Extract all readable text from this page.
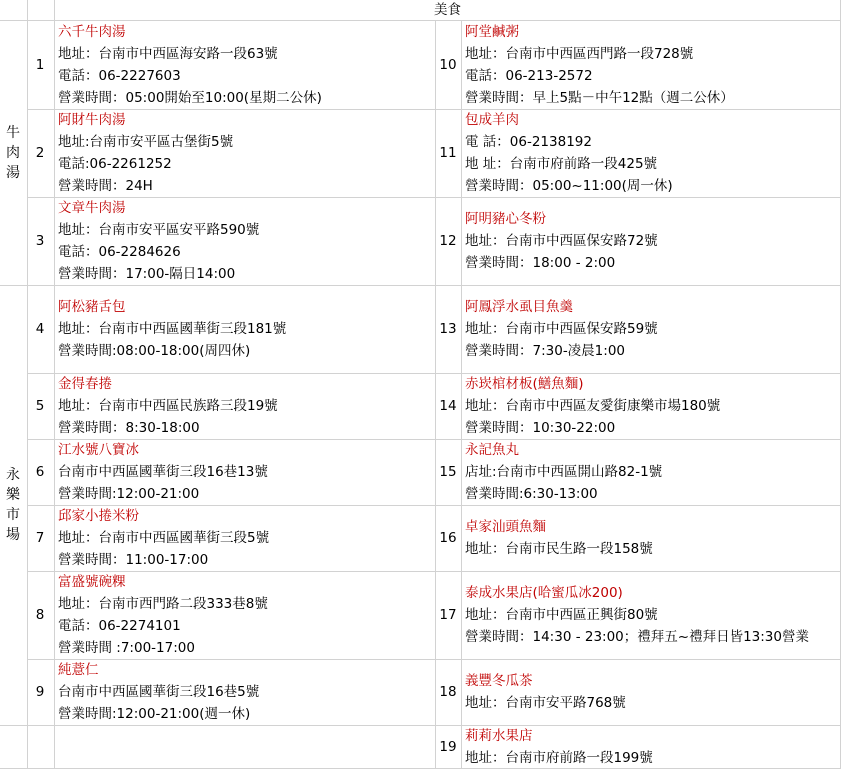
美食
牛
肉
湯
永
樂
市
場
1
六千牛肉湯
地址：台南市中西區海安路一段63號
電話：06-2227603
營業時間：05:00開始至10:00(星期二公休)
2
阿財牛肉湯
地址:台南市安平區古堡街5號
電話:06-2261252
營業時間：24H
3
文章牛肉湯
地址：台南市安平區安平路590號
電話：06-2284626
營業時間：17:00-隔日14:00
4
阿松豬舌包
地址：台南市中西區國華街三段181號
營業時間:08:00-18:00(周四休)
5
金得春捲
地址：台南市中西區民族路三段19號
營業時間：8:30-18:00
6
江水號八寶冰
台南市中西區國華街三段16巷13號
營業時間:12:00-21:00
7
邱家小捲米粉
地址：台南市中西區國華街三段5號
營業時間：11:00-17:00
8
富盛號碗粿
地址：台南市西門路二段333巷8號
電話：06-2274101
營業時間 :7:00-17:00
9
純薏仁
台南市中西區國華街三段16巷5號
營業時間:12:00-21:00(週一休)
10
阿堂鹹粥
地址：台南市中西區西門路一段728號
電話：06-213-2572
營業時間：早上5點－中午12點（週二公休）
11
包成羊肉
電 話：06-2138192
地 址：台南市府前路一段425號
營業時間：05:00~11:00(周一休)
12
阿明豬心冬粉
地址：台南市中西區保安路72號
營業時間：18:00 - 2:00
13
阿鳳浮水虱目魚羹
地址：台南市中西區保安路59號
營業時間：7:30-凌晨1:00
14
赤崁棺材板(鱔魚麵)
地址：台南市中西區友愛街康樂市場180號
營業時間：10:30-22:00
15
永記魚丸
店址:台南市中西區開山路82-1號
營業時間:6:30-13:00
16
卓家汕頭魚麵
地址：台南市民生路一段158號
17
泰成水果店(哈蜜瓜冰200)
地址：台南市中西區正興街80號
營業時間：14:30 - 23:00；禮拜五~禮拜日皆13:30營業
18
義豐冬瓜茶
地址：台南市安平路768號
19
莉莉水果店
地址：台南市府前路一段199號
